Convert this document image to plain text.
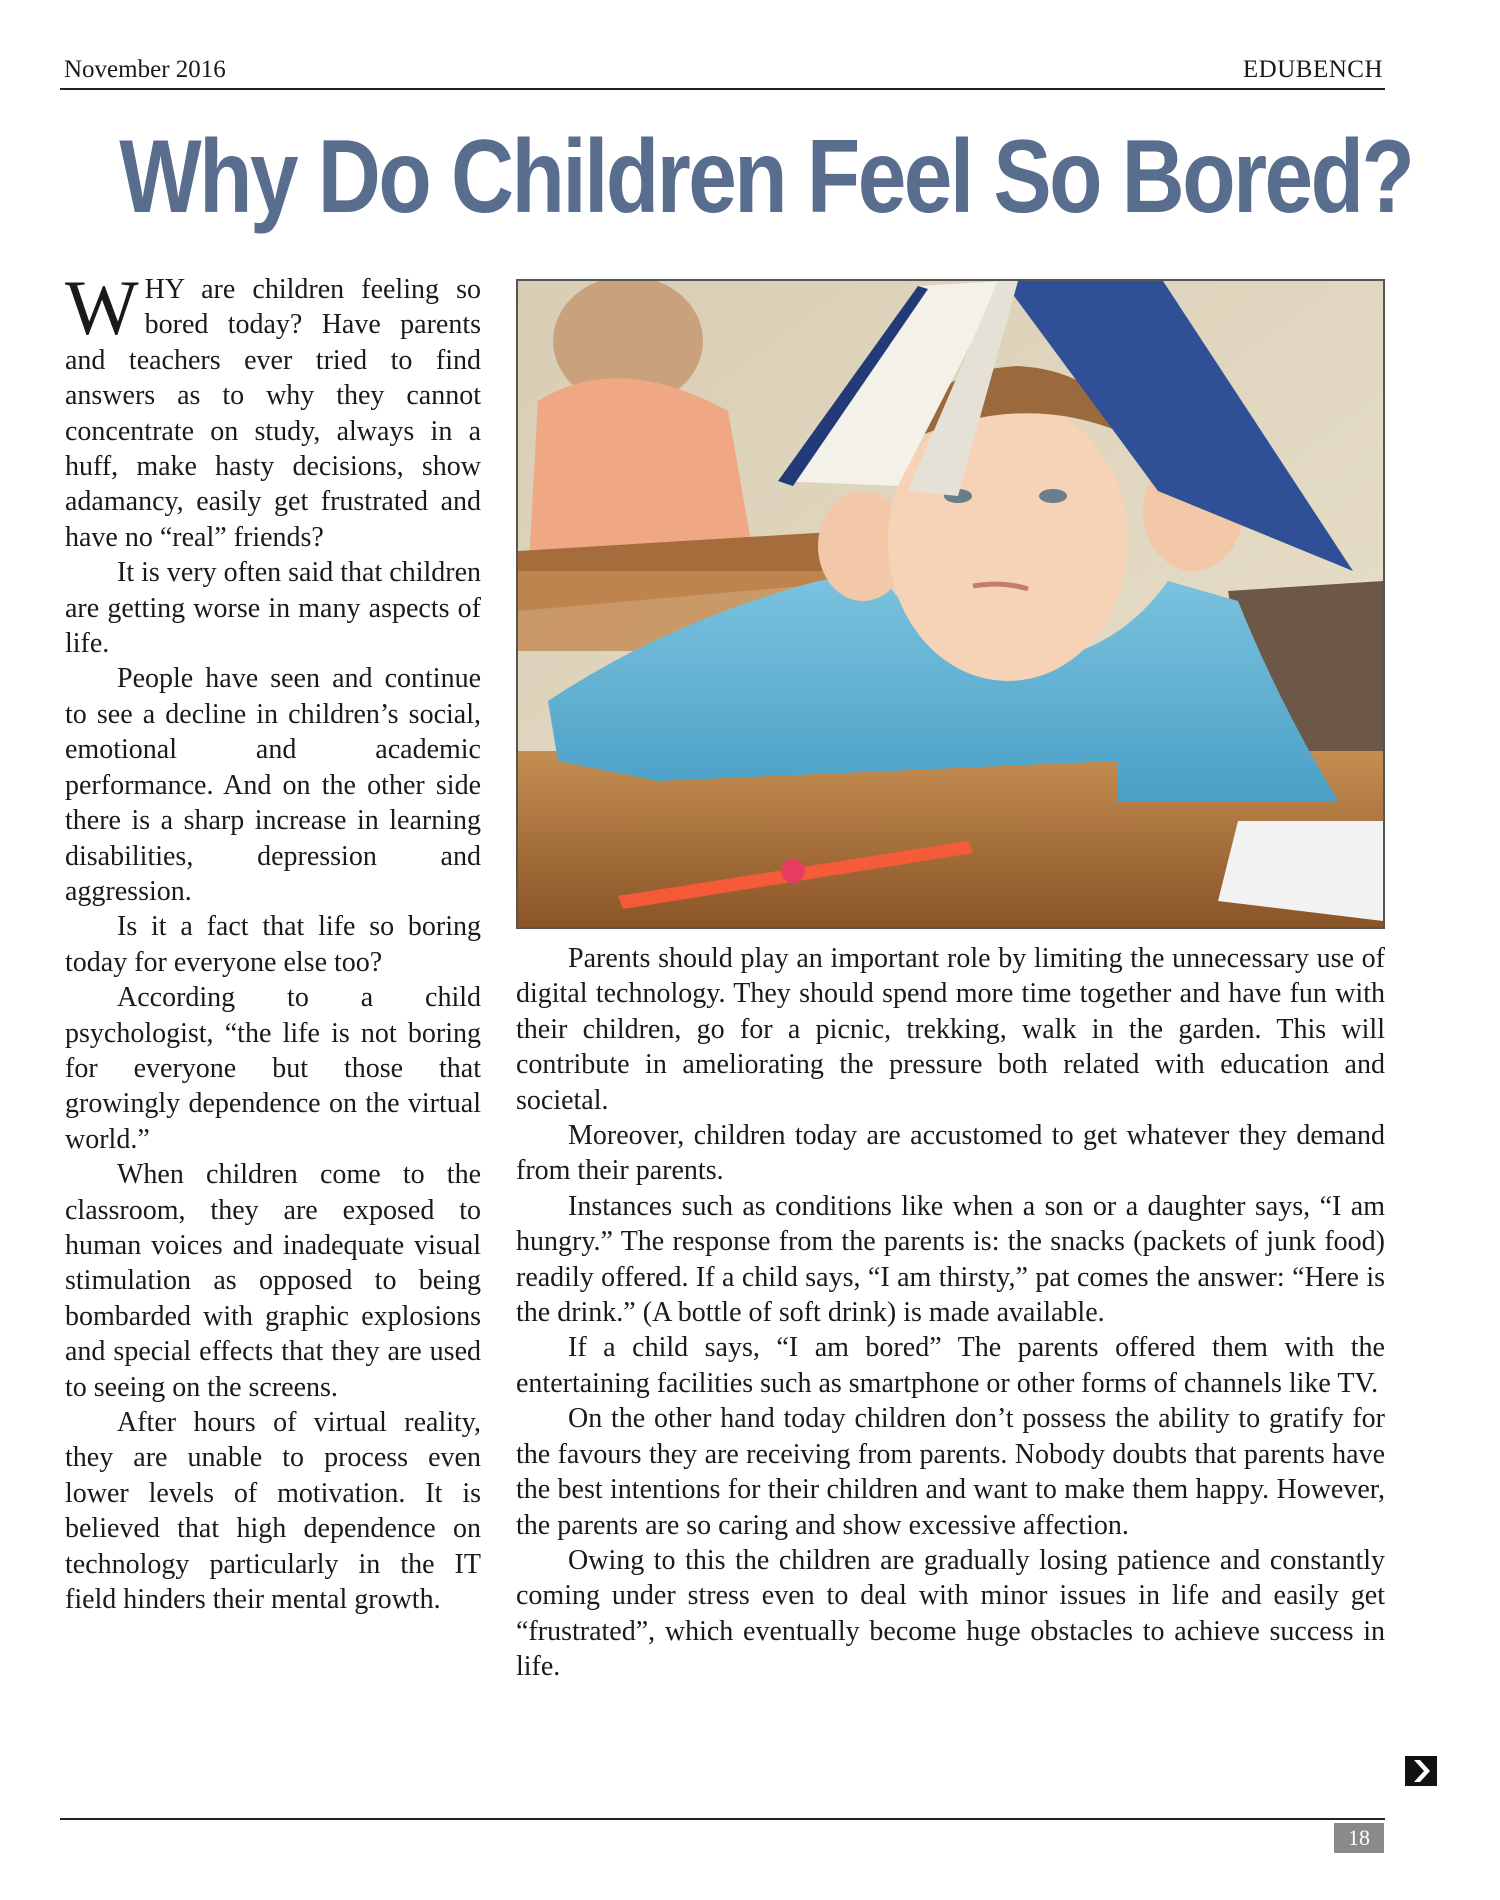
November 2016	EDUBENCH
Why Do Children Feel So Bored?

WHY are children feeling so bored today? Have parents and teachers ever tried to find answers as to why they cannot concentrate on study, always in a huff, make hasty decisions, show adamancy, easily get frustrated and have no “real” friends?

It is very often said that children are getting worse in many aspects of life.

People have seen and continue to see a decline in children’s social, emotional and academic performance. And on the other side there is a sharp increase in learning disabilities, depression and aggression.

Is it a fact that life so boring today for everyone else too?

According to a child psychologist, “the life is not boring for everyone but those that growingly dependence on the virtual world.”

When children come to the classroom, they are exposed to human voices and inadequate visual stimulation as opposed to being bombarded with graphic explosions and special effects that they are used to seeing on the screens.

After hours of virtual reality, they are unable to process even lower levels of motivation. It is believed that high dependence on technology particularly in the IT field hinders their mental growth.

Parents should play an important role by limiting the unnecessary use of digital technology. They should spend more time together and have fun with their children, go for a picnic, trekking, walk in the garden. This will contribute in ameliorating the pressure both related with education and societal.

Moreover, children today are accustomed to get whatever they demand from their parents.

Instances such as conditions like when a son or a daughter says, “I am hungry.” The response from the parents is: the snacks (packets of junk food) readily offered. If a child says, “I am thirsty,” pat comes the answer: “Here is the drink.” (A bottle of soft drink) is made available.

If a child says, “I am bored” The parents offered them with the entertaining facilities such as smartphone or other forms of channels like TV.

On the other hand today children don’t possess the ability to gratify for the favours they are receiving from parents. Nobody doubts that parents have the best intentions for their children and want to make them happy. However, the parents are so caring and show excessive affection.

Owing to this the children are gradually losing patience and constantly coming under stress even to deal with minor issues in life and easily get “frustrated”, which eventually become huge obstacles to achieve success in life.

18
